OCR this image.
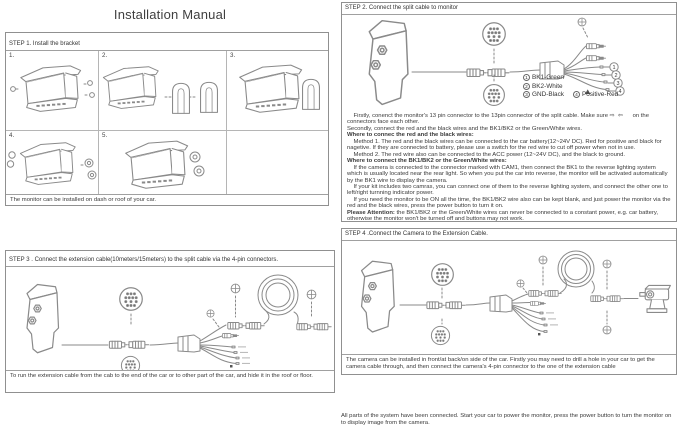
Installation Manual
STEP 1. Install the bracket
1.	2.	3.
4.	5.
The monitor can be installed on dash or roof of your car.
STEP 2. Connect the split cable to monitor
1
2
3
4
1 BK1-Green
2 BK2-White
3 GND-Black	4 Positive-Red

Firstly, conenct the monitor's 13 pin connector to the 13pin connector of the split cable. Make sure ⇨  ⇦      on the connectors face each other.

Secondly, connect the red and the black wires and the BK1/BK2 or the Green/White wires.

Where to connec the red and the black wires:

Method 1. The red and the black wires can be connected to the car battery(12~24V DC). Red for positive and black for nagetive. If they are connected to battery, please use a switch for the red wire to cut off power when not in use.

Method 2. The red wire also can be connected to the ACC power (12~24V DC), and the black to ground.

Where to connect the BK1/BK2 or the Green/White wires:

If the camera is connected to the connector marked with CAM1, then connect the BK1 to the reverse lighting system which is usually located near the rear light. So when you put the car into reverse, the monitor will be activated automatically by the BK1 wire to display the camera.

If your kit includes two camras, you can connect one of them to the reverse lighting system, and connect the other one to left/right turnning indicator power.

If you need the monitor to be ON all the time, the BK1/BK2 wire also can be kept blank, and just power the monitor via the red and the black wires, press the power button to turn it on.

Please Attention: the BK1/BK2 or the Green/White wires can never be connected to a constant power, e.g. car battery, otherwise the monitor won't be turned off and buttons may not work.

STEP 3 . Connect the extension cable(10meters/15meters) to the split cable via the 4-pin connectors.
To run the extension cable from the cab to the end of the car or to other part of the car, and hide it in the roof or floor.
STEP 4 .Connect the Camera to the Extension Cable.
The camera can be installed in front/at back/on side of the car. Firstly you may need to drill a hole in your car to get the camera cable through, and then connect the camera's 4-pin connector to the one of the extension cable
All parts of the system have been connected. Start your car to power the monitor, press the power button to turn the monitor on to display image from the camera.
